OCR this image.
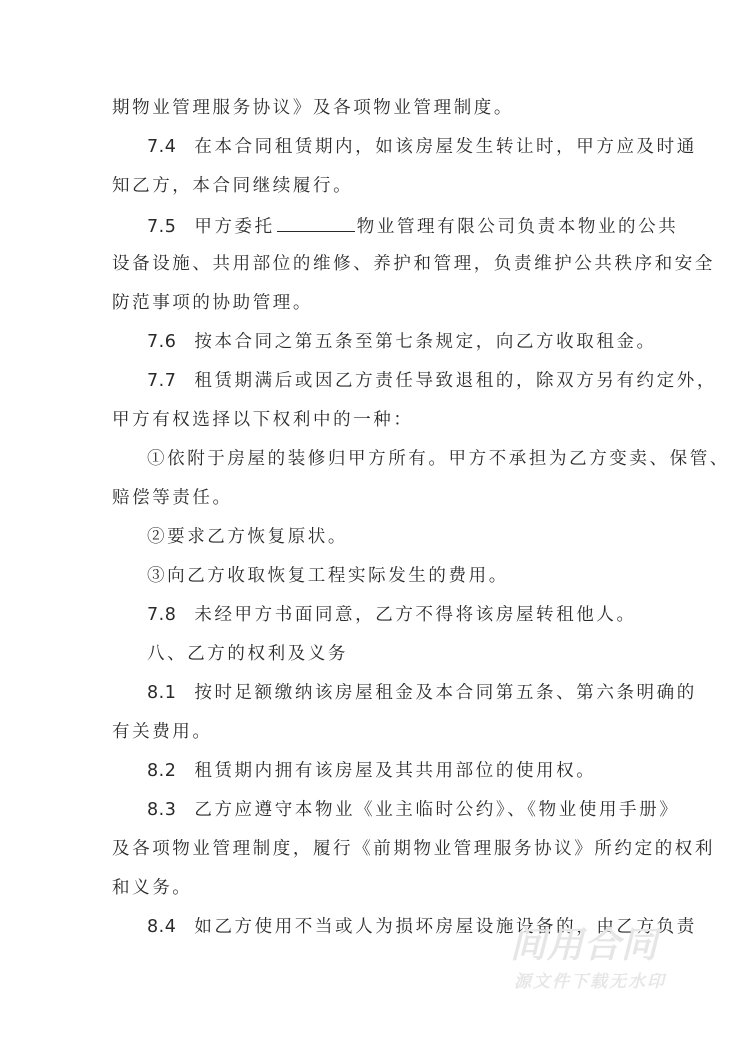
期物业管理服务协议》及各项物业管理制度。
7.4 在本合同租赁期内，如该房屋发生转让时，甲方应及时通
知乙方，本合同继续履行。
7.5 甲方委托	物业管理有限公司负责本物业的公共
设备设施、共用部位的维修、养护和管理，负责维护公共秩序和安全
防范事项的协助管理。
7.6 按本合同之第五条至第七条规定，向乙方收取租金。
7.7 租赁期满后或因乙方责任导致退租的，除双方另有约定外，
甲方有权选择以下权利中的一种：
①依附于房屋的装修归甲方所有。甲方不承担为乙方变卖、保管、
赔偿等责任。
②要求乙方恢复原状。
③向乙方收取恢复工程实际发生的费用。
7.8 未经甲方书面同意，乙方不得将该房屋转租他人。
八、乙方的权利及义务
8.1 按时足额缴纳该房屋租金及本合同第五条、第六条明确的
有关费用。
8.2 租赁期内拥有该房屋及其共用部位的使用权。
8.3 乙方应遵守本物业《业主临时公约》、《物业使用手册》
及各项物业管理制度，履行《前期物业管理服务协议》所约定的权利
和义务。
8.4 如乙方使用不当或人为损坏房屋设施设备的，由乙方负责
间用合同
源文件下载无水印
